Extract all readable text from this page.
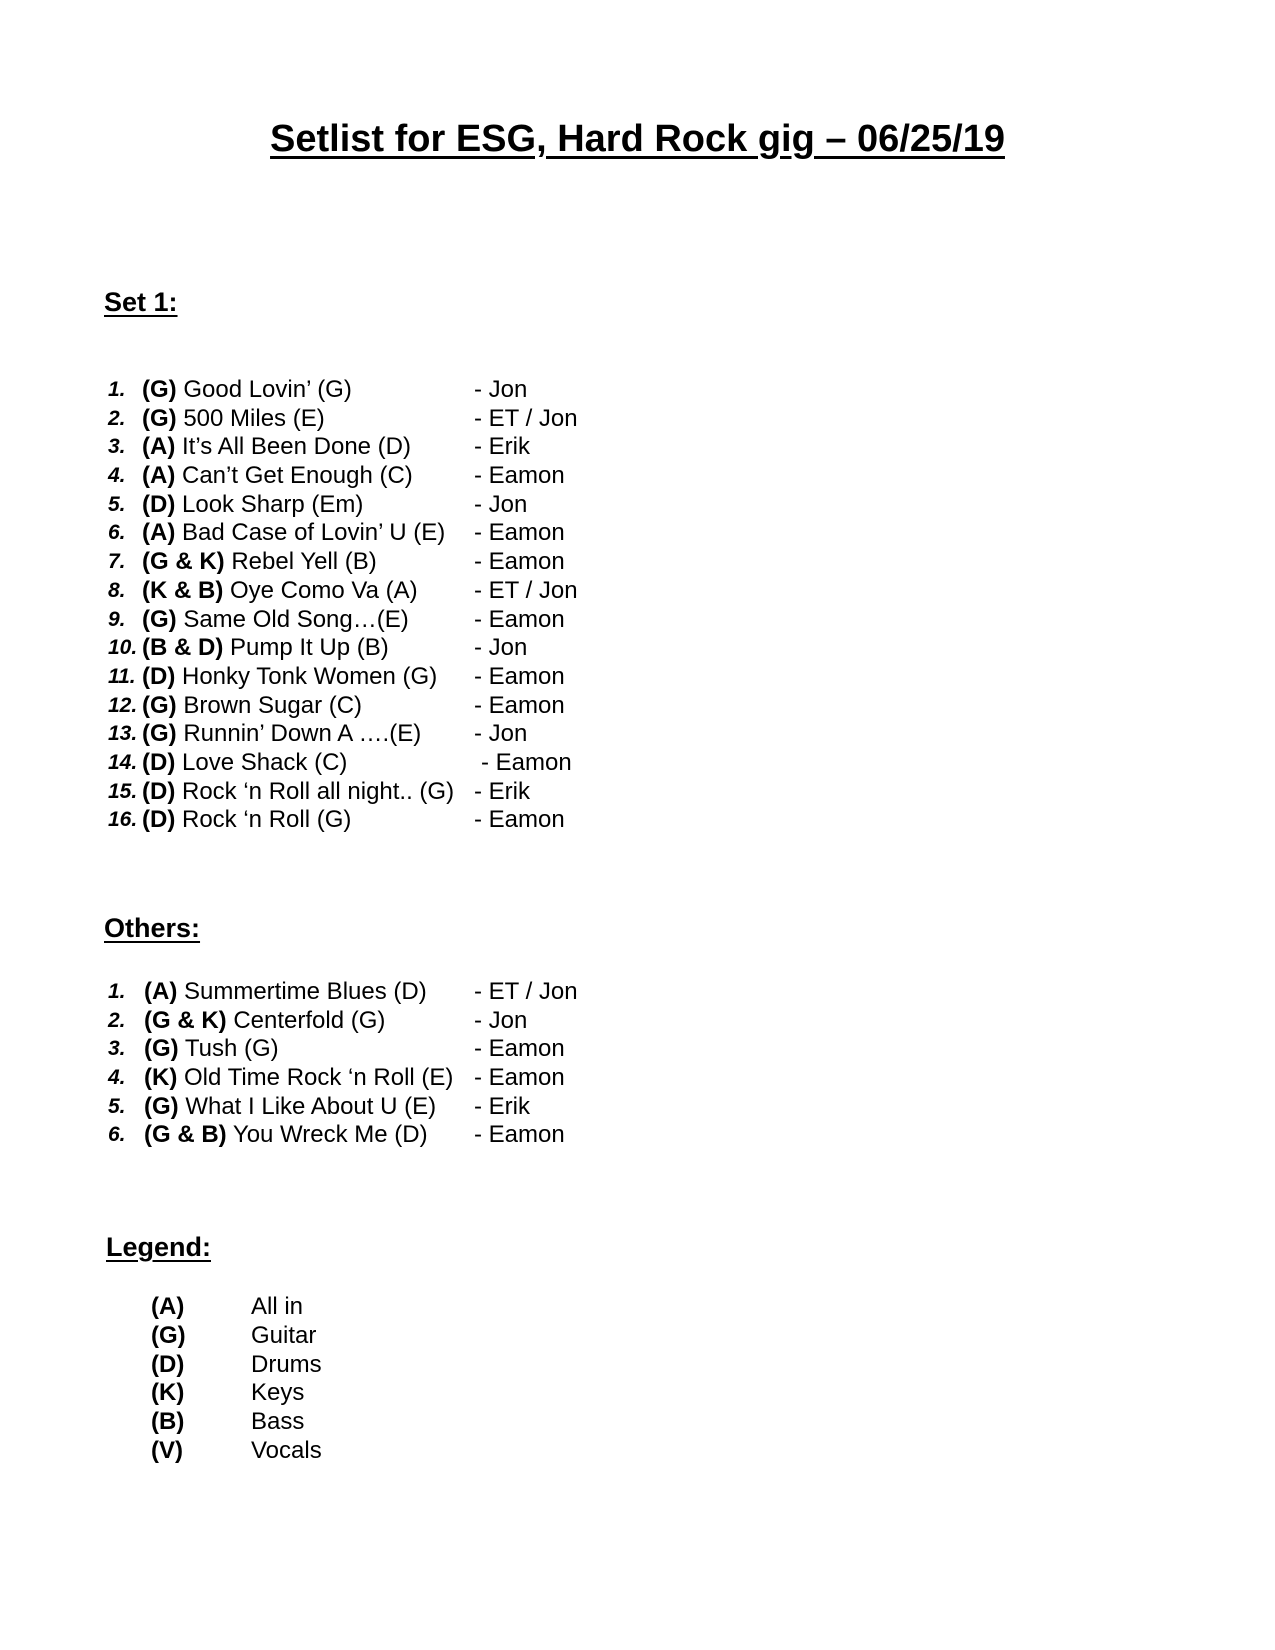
Setlist for ESG, Hard Rock gig – 06/25/19
Set 1:
1. (G) Good Lovin’ (G)	- Jon
2. (G) 500 Miles (E)	- ET / Jon
3. (A) It’s All Been Done (D)	- Erik
4. (A) Can’t Get Enough (C)	- Eamon
5. (D) Look Sharp (Em)	- Jon
6. (A) Bad Case of Lovin’ U (E) - Eamon
7. (G & K) Rebel Yell (B)	- Eamon
8. (K & B) Oye Como Va (A) - ET / Jon
9. (G) Same Old Song…(E)	- Eamon
10. (B & D) Pump It Up (B)	- Jon
11. (D) Honky Tonk Women (G) - Eamon
12. (G) Brown Sugar (C)	- Eamon
13. (G) Runnin’ Down A ….(E) - Jon
14. (D) Love Shack (C)	- Eamon
15. (D) Rock ‘n Roll all night.. (G) - Erik
16. (D) Rock ‘n Roll (G)	- Eamon
Others:
1. (A) Summertime Blues (D) - ET / Jon
2. (G & K) Centerfold (G)	- Jon
3. (G) Tush (G)	- Eamon
4. (K) Old Time Rock ‘n Roll (E) - Eamon
5. (G) What I Like About U (E) - Erik
6. (G & B) You Wreck Me (D) - Eamon
Legend:
(A)	All in
(G)	Guitar
(D)	Drums
(K)	Keys
(B)	Bass
(V)	Vocals
